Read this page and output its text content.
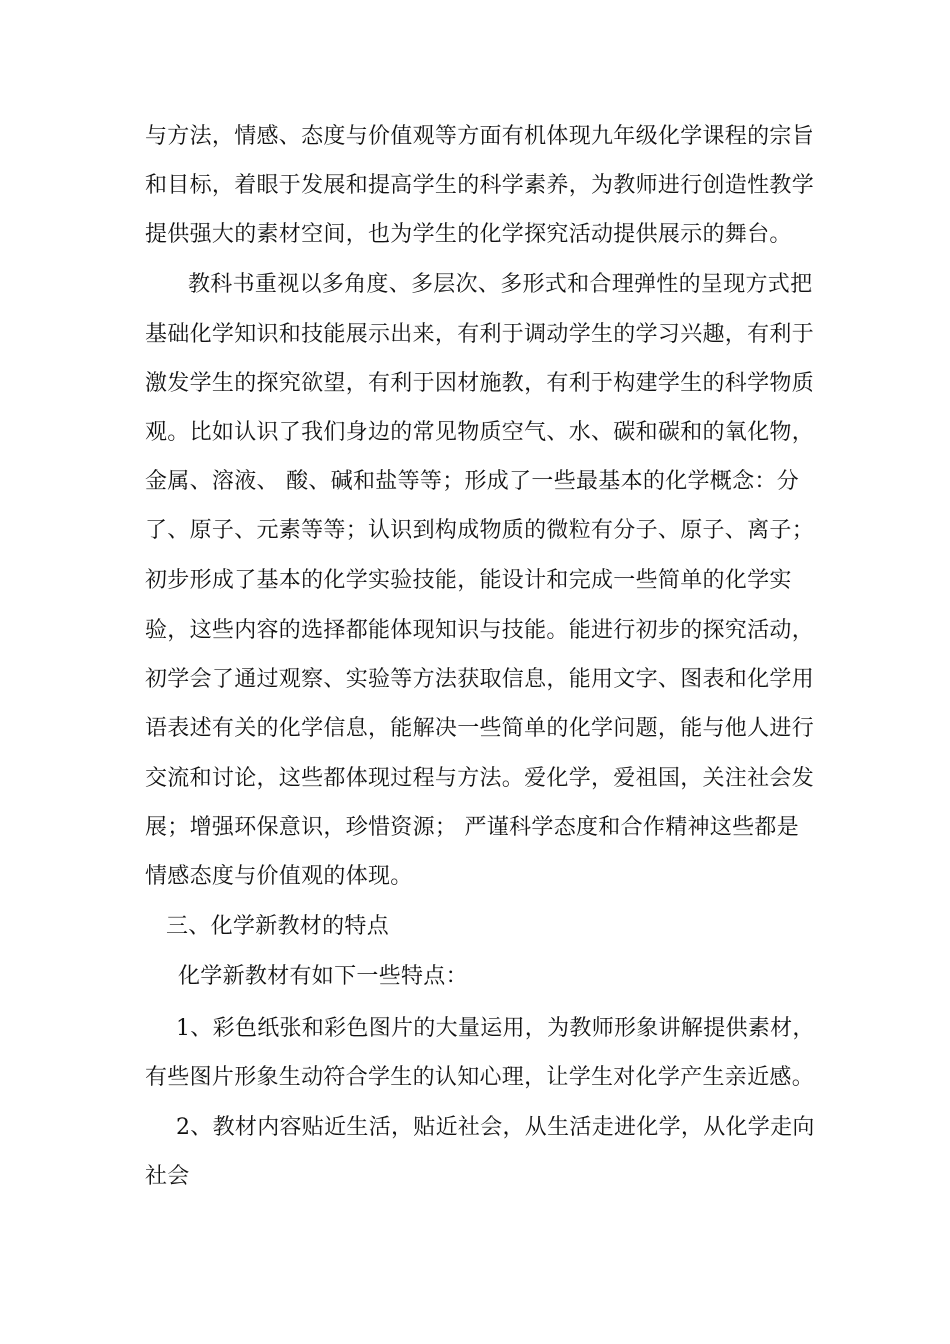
与方法，情感、态度与价值观等方面有机体现九年级化学课程的宗旨
和目标，着眼于发展和提高学生的科学素养，为教师进行创造性教学
提供强大的素材空间，也为学生的化学探究活动提供展示的舞台。
教科书重视以多角度、多层次、多形式和合理弹性的呈现方式把
基础化学知识和技能展示出来，有利于调动学生的学习兴趣，有利于
激发学生的探究欲望，有利于因材施教，有利于构建学生的科学物质
观。比如认识了我们身边的常见物质空气、水、碳和碳和的氧化物，
金属、溶液、 酸、碱和盐等等；形成了一些最基本的化学概念：分
了、原子、元素等等；认识到构成物质的微粒有分子、原子、离子；
初步形成了基本的化学实验技能，能设计和完成一些简单的化学实
验，这些内容的选择都能体现知识与技能。能进行初步的探究活动，
初学会了通过观察、实验等方法获取信息，能用文字、图表和化学用
语表述有关的化学信息，能解决一些简单的化学问题，能与他人进行
交流和讨论，这些都体现过程与方法。爱化学，爱祖国，关注社会发
展；增强环保意识，珍惜资源； 严谨科学态度和合作精神这些都是
情感态度与价值观的体现。
三、化学新教材的特点
化学新教材有如下一些特点：
1、彩色纸张和彩色图片的大量运用，为教师形象讲解提供素材，
有些图片形象生动符合学生的认知心理，让学生对化学产生亲近感。
2、教材内容贴近生活，贴近社会，从生活走进化学，从化学走向
社会
